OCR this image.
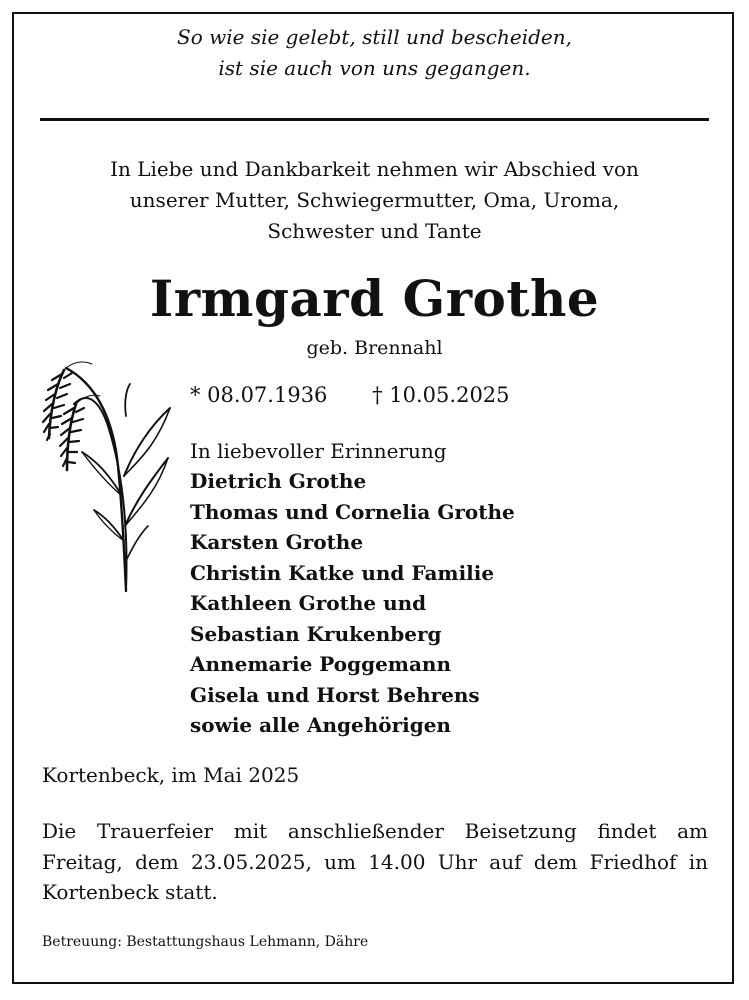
So wie sie gelebt, still und bescheiden,
ist sie auch von uns gegangen.
In Liebe und Dankbarkeit nehmen wir Abschied von
unserer Mutter, Schwiegermutter, Oma, Uroma,
Schwester und Tante
Irmgard Grothe
geb. Brennahl
* 08.07.1936 † 10.05.2025
In liebevoller Erinnerung
Dietrich Grothe
Thomas und Cornelia Grothe
Karsten Grothe
Christin Katke und Familie
Kathleen Grothe und
Sebastian Krukenberg
Annemarie Poggemann
Gisela und Horst Behrens
sowie alle Angehörigen
Kortenbeck, im Mai 2025
Die Trauerfeier mit anschließender Beisetzung findet am Freitag, dem 23.05.2025, um 14.00 Uhr auf dem Friedhof in Kortenbeck statt.
Betreuung: Bestattungshaus Lehmann, Dähre
